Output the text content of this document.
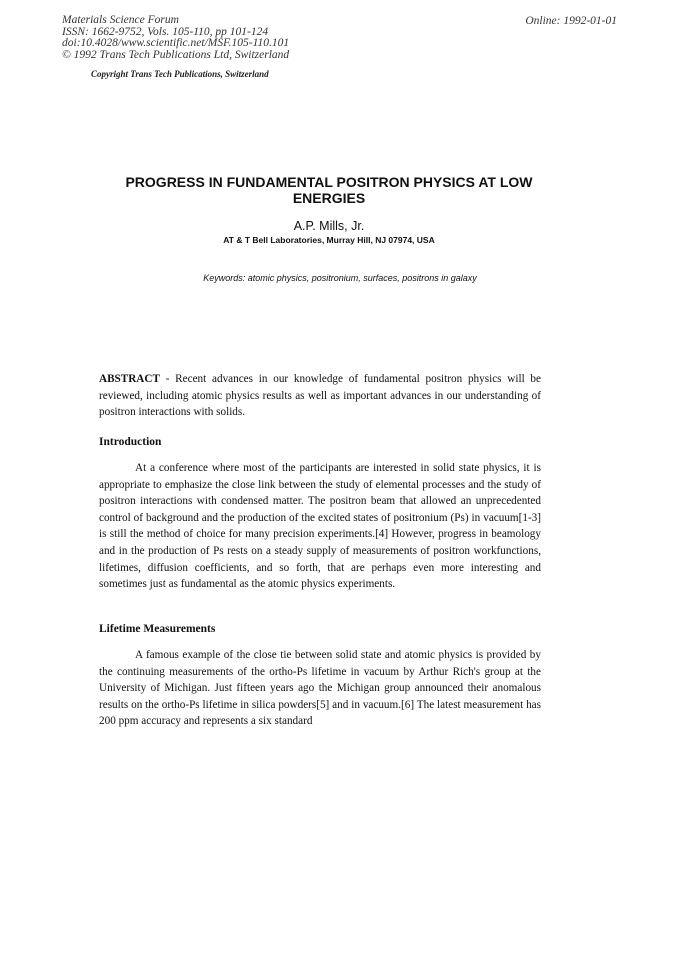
Materials Science Forum
ISSN: 1662-9752, Vols. 105-110, pp 101-124
doi:10.4028/www.scientific.net/MSF.105-110.101
© 1992 Trans Tech Publications Ltd, Switzerland
Online: 1992-01-01
Copyright Trans Tech Publications, Switzerland
PROGRESS IN FUNDAMENTAL POSITRON PHYSICS AT LOW
ENERGIES
A.P. Mills, Jr.
AT & T Bell Laboratories, Murray Hill, NJ 07974, USA
Keywords: atomic physics, positronium, surfaces, positrons in galaxy
ABSTRACT - Recent advances in our knowledge of fundamental positron physics will be reviewed, including atomic physics results as well as important advances in our understanding of positron interactions with solids.
Introduction
At a conference where most of the participants are interested in solid state physics, it is appropriate to emphasize the close link between the study of elemental processes and the study of positron interactions with condensed matter. The positron beam that allowed an unprecedented control of background and the production of the excited states of positronium (Ps) in vacuum[1-3] is still the method of choice for many precision experiments.[4] However, progress in beamology and in the production of Ps rests on a steady supply of measurements of positron workfunctions, lifetimes, diffusion coefficients, and so forth, that are perhaps even more interesting and sometimes just as fundamental as the atomic physics experiments.
Lifetime Measurements
A famous example of the close tie between solid state and atomic physics is provided by the continuing measurements of the ortho-Ps lifetime in vacuum by Arthur Rich's group at the University of Michigan. Just fifteen years ago the Michigan group announced their anomalous results on the ortho-Ps lifetime in silica powders[5] and in vacuum.[6] The latest measurement has 200 ppm accuracy and represents a six standard
